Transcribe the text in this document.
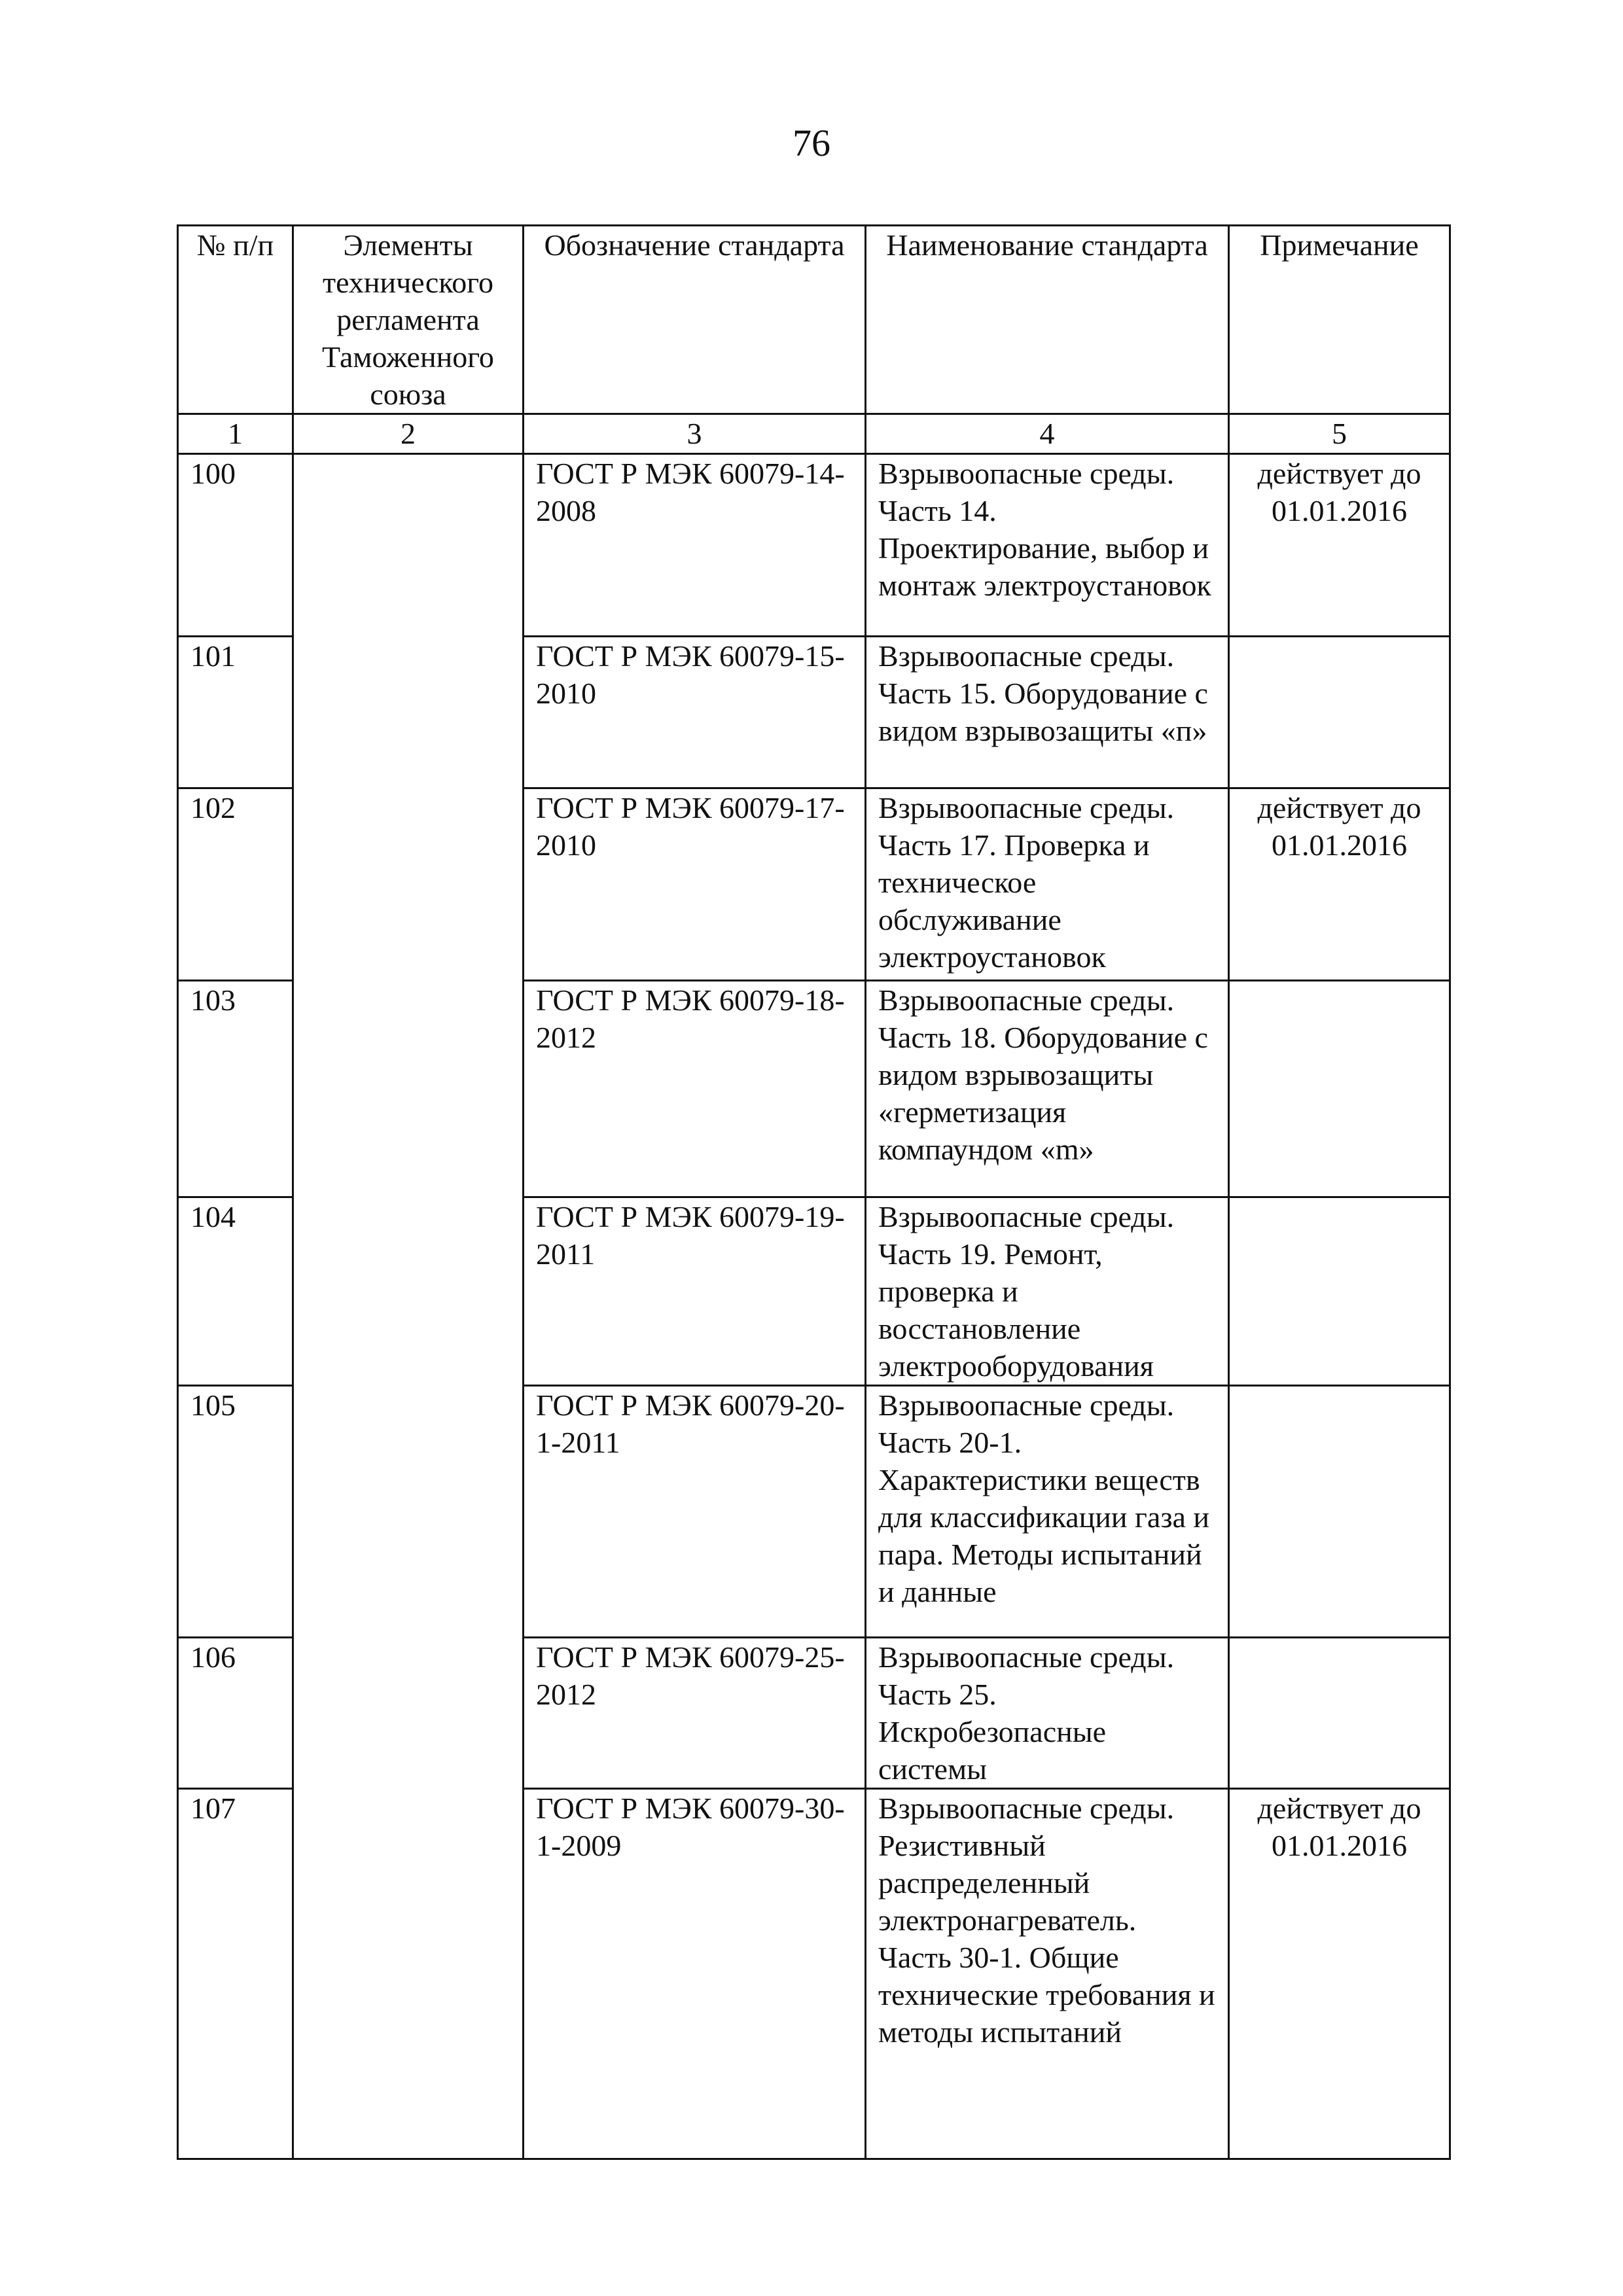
76
№ п/п	Элементы технического регламента Таможенного союза	Обозначение стандарта	Наименование стандарта	Примечание
1	2	3	4	5
100		ГОСТ Р МЭК 60079-14-2008	Взрывоопасные среды. Часть 14. Проектирование, выбор и монтаж электроустановок	действует до 01.01.2016
101		ГОСТ Р МЭК 60079-15-2010	Взрывоопасные среды. Часть 15. Оборудование с видом взрывозащиты «п»	
102		ГОСТ Р МЭК 60079-17-2010	Взрывоопасные среды. Часть 17. Проверка и техническое обслуживание электроустановок	действует до 01.01.2016
103		ГОСТ Р МЭК 60079-18-2012	Взрывоопасные среды. Часть 18. Оборудование с видом взрывозащиты «герметизация компаундом «m»	
104		ГОСТ Р МЭК 60079-19-2011	Взрывоопасные среды. Часть 19. Ремонт, проверка и восстановление электрооборудования	
105		ГОСТ Р МЭК 60079-20-1-2011	Взрывоопасные среды. Часть 20-1. Характеристики веществ для классификации газа и пара. Методы испытаний и данные	
106		ГОСТ Р МЭК 60079-25-2012	Взрывоопасные среды. Часть 25. Искробезопасные системы	
107		ГОСТ Р МЭК 60079-30-1-2009	Взрывоопасные среды. Резистивный распределенный электронагреватель. Часть 30-1. Общие технические требования и методы испытаний	действует до 01.01.2016
